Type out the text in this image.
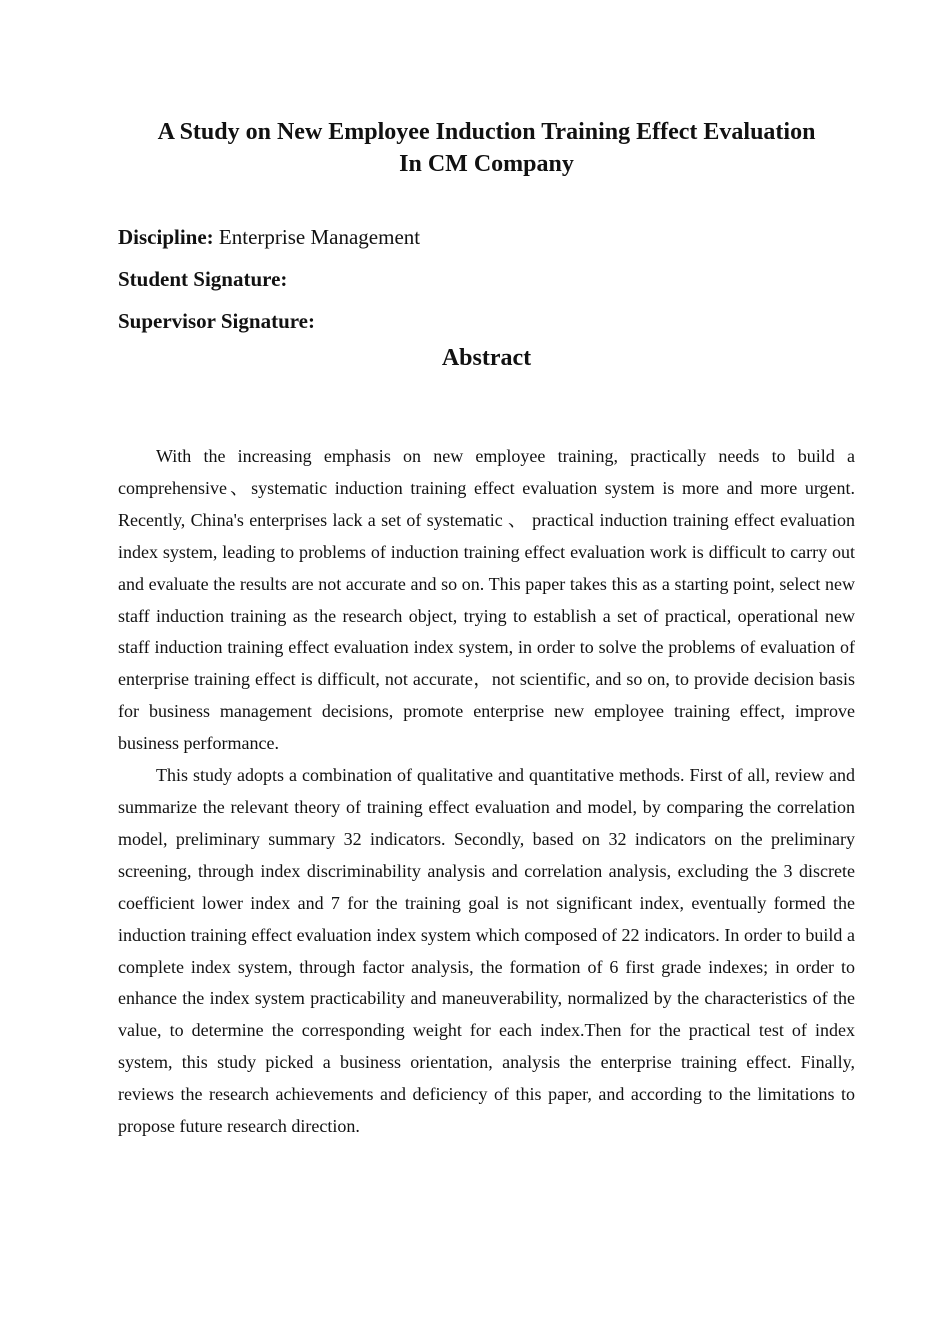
A Study on New Employee Induction Training Effect Evaluation
In CM Company
Discipline: Enterprise Management
Student Signature:
Supervisor Signature:
Abstract

With the increasing emphasis on new employee training, practically needs to build a comprehensive、systematic induction training effect evaluation system is more and more urgent. Recently, China's enterprises lack a set of systematic 、 practical induction training effect evaluation index system, leading to problems of induction training effect evaluation work is difficult to carry out and evaluate the results are not accurate and so on. This paper takes this as a starting point, select new staff induction training as the research object, trying to establish a set of practical, operational new staff induction training effect evaluation index system, in order to solve the problems of evaluation of enterprise training effect is difficult, not accurate，not scientific, and so on, to provide decision basis for business management decisions, promote enterprise new employee training effect, improve business performance.

This study adopts a combination of qualitative and quantitative methods. First of all, review and summarize the relevant theory of training effect evaluation and model, by comparing the correlation model, preliminary summary 32 indicators. Secondly, based on 32 indicators on the preliminary screening, through index discriminability analysis and correlation analysis, excluding the 3 discrete coefficient lower index and 7 for the training goal is not significant index, eventually formed the induction training effect evaluation index system which composed of 22 indicators. In order to build a complete index system, through factor analysis, the formation of 6 first grade indexes; in order to enhance the index system practicability and maneuverability, normalized by the characteristics of the value, to determine the corresponding weight for each index.Then for the practical test of index system, this study picked a business orientation, analysis the enterprise training effect. Finally, reviews the research achievements and deficiency of this paper, and according to the limitations to propose future research direction.
